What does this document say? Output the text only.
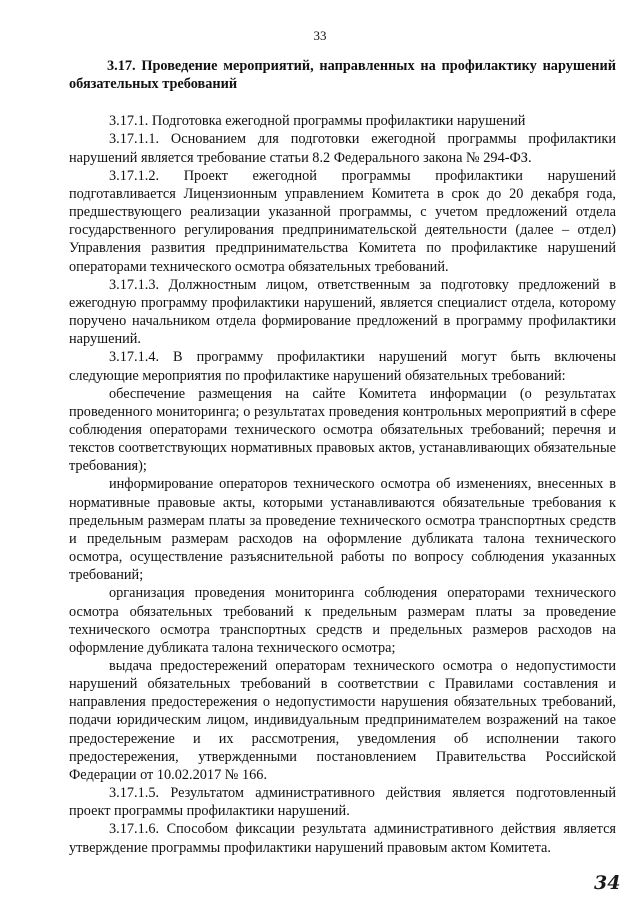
33

3.17. Проведение мероприятий, направленных на профилактику нарушений обязательных требований

3.17.1. Подготовка ежегодной программы профилактики нарушений

3.17.1.1. Основанием для подготовки ежегодной программы профилактики нарушений является требование статьи 8.2 Федерального закона № 294-ФЗ.

3.17.1.2. Проект ежегодной программы профилактики нарушений подготавливается Лицензионным управлением Комитета в срок до 20 декабря года, предшествующего реализации указанной программы, с учетом предложений отдела государственного регулирования предпринимательской деятельности (далее – отдел) Управления развития предпринимательства Комитета по профилактике нарушений операторами технического осмотра обязательных требований.

3.17.1.3. Должностным лицом, ответственным за подготовку предложений в ежегодную программу профилактики нарушений, является специалист отдела, которому поручено начальником отдела формирование предложений в программу профилактики нарушений.

3.17.1.4. В программу профилактики нарушений могут быть включены следующие мероприятия по профилактике нарушений обязательных требований:

обеспечение размещения на сайте Комитета информации (о результатах проведенного мониторинга; о результатах проведения контрольных мероприятий в сфере соблюдения операторами технического осмотра обязательных требований; перечня и текстов соответствующих нормативных правовых актов, устанавливающих обязательные требования);

информирование операторов технического осмотра об изменениях, внесенных в нормативные правовые акты, которыми устанавливаются обязательные требования к предельным размерам платы за проведение технического осмотра транспортных средств и предельным размерам расходов на оформление дубликата талона технического осмотра, осуществление разъяснительной работы по вопросу соблюдения указанных требований;

организация проведения мониторинга соблюдения операторами технического осмотра обязательных требований к предельным размерам платы за проведение технического осмотра транспортных средств и предельных размеров расходов на оформление дубликата талона технического осмотра;

выдача предостережений операторам технического осмотра о недопустимости нарушений обязательных требований в соответствии с Правилами составления и направления предостережения о недопустимости нарушения обязательных требований, подачи юридическим лицом, индивидуальным предпринимателем возражений на такое предостережение и их рассмотрения, уведомления об исполнении такого предостережения, утвержденными постановлением Правительства Российской Федерации от 10.02.2017 № 166.

3.17.1.5. Результатом административного действия является подготовленный проект программы профилактики нарушений.

3.17.1.6. Способом фиксации результата административного действия является утверждение программы профилактики нарушений правовым актом Комитета.

34
